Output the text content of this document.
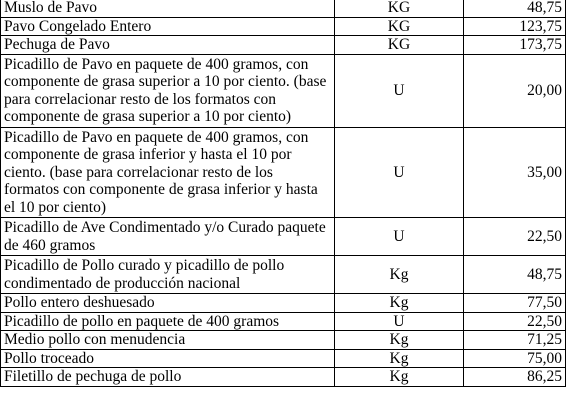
Muslo de Pavo	KG	48,75
Pavo Congelado Entero	KG	123,75
Pechuga de Pavo	KG	173,75
Picadillo de Pavo en paquete de 400 gramos, con componente de grasa superior a 10 por ciento. (base para correlacionar resto de los formatos con componente de grasa superior a 10 por ciento)	U	20,00
Picadillo de Pavo en paquete de 400 gramos, con componente de grasa inferior y hasta el 10 por ciento. (base para correlacionar resto de los formatos con componente de grasa inferior y hasta el 10 por ciento)	U	35,00
Picadillo de Ave Condimentado y/o Curado paquete de 460 gramos	U	22,50
Picadillo de Pollo curado y picadillo de pollo condimentado de producción nacional	Kg	48,75
Pollo entero deshuesado	Kg	77,50
Picadillo de pollo en paquete de 400 gramos	U	22,50
Medio pollo con menudencia	Kg	71,25
Pollo troceado	Kg	75,00
Filetillo de pechuga de pollo	Kg	86,25
